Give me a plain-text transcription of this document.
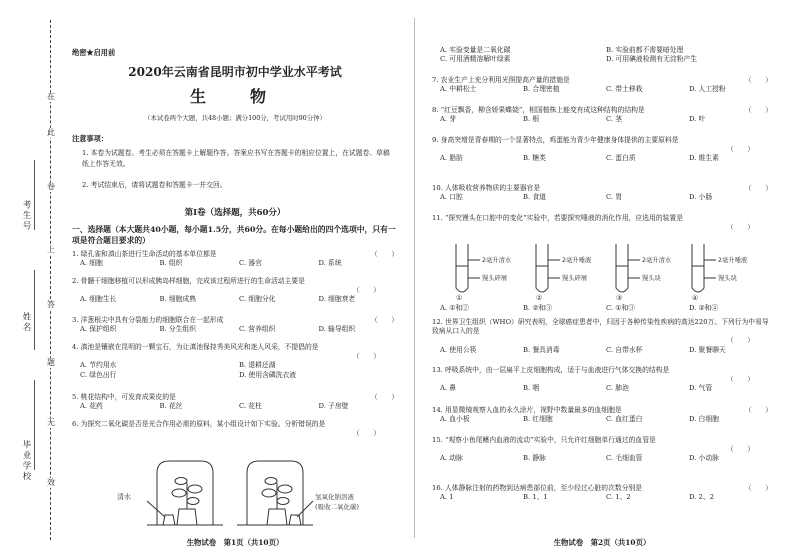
在
此
卷
上
答
题
无
效
考生号
姓名
毕业学校
绝密★启用前
2020年云南省昆明市初中学业水平考试
生　物
（本试卷两个大题，共48小题；满分100分，考试用时90分钟）
注意事项：
1. 本卷为试题卷。考生必须在答题卡上解题作答。答案应书写在答题卡的相应位置上，在试题卷、草稿纸上作答无效。
2. 考试结束后，请将试题卷和答题卡一并交回。
第Ⅰ卷（选择题，共60分）
一、选择题（本大题共40小题，每小题1.5分，共60分。在每小题给出的四个选项中，只有一项是符合题目要求的）
1. 绿孔雀和滇山茶进行生命活动的基本单位都是	（　　）
A. 细胞	B. 组织	C. 器官	D. 系统
2. 骨髓干细胞移植可以形成胰岛样细胞，完成该过程所进行的生命活动主要是
（　　）
A. 细胞生长	B. 细胞成熟	C. 细胞分化	D. 细胞衰老
3. 洋葱根尖中具有分裂能力的细胞联合在一起形成	（　　）
A. 保护组织	B. 分生组织	C. 营养组织	D. 输导组织
4. 滇池是镶嵌在昆明的一颗宝石，为让滇池保持秀美风光和迷人风采，不提倡的是
（　　）
A. 节约用水	B. 退耕还湖
C. 绿色出行	D. 使用含磷洗衣液
5. 桃花结构中，可发育成果皮的是	（　　）
A. 花药	B. 花丝	C. 花柱	D. 子房壁
6. 为探究二氧化碳是否是光合作用必需的原料，某小组设计如下实验。分析错误的是
（　　）
清水	氢氧化钠溶液
(吸收二氧化碳)
生物试卷　第1页（共10页）
A. 实验变量是二氧化碳	B. 实验前都不需要暗处理
C. 可用酒精溶解叶绿素	D. 可用碘液检测有无淀粉产生
7. 农业生产上充分利用光照提高产量的措施是	（　　）
A. 中耕松土	B. 合理密植	C. 带土移栽	D. 人工授粉
8. “红豆飘香，柳含娇果蝶娆”，相国植株上能变有成这种结构的结构是	（　　）
A. 芽	B. 根	C. 茎	D. 叶
9. 身高突增是青春期的一个显著特点，鸡蛋能为青少年健康身体提供的主要原料是
（　　）
A. 脂肪	B. 糖类	C. 蛋白质	D. 维生素
10. 人体吸收营养物质的主要器官是	（　　）
A. 口腔	B. 食道	C. 胃	D. 小肠
11. “探究馒头在口腔中的变化”实验中，若要探究唾液的消化作用，应选用的装置是
（　　）
2毫升清水
馒头碎屑
①
2毫升唾液
馒头碎屑
②
2毫升清水
馒头块
③
2毫升唾液
馒头块
④
A. ①和②	B. ②和③	C. ①和③	D. ②和④
12. 世界卫生组织（WHO）研究表明，全球癌症患者中，归因于各种传染性疾病的高达220万。下列行为中易导致病从口入的是
（　　）
A. 使用公筷	B. 餐具消毒	C. 自带水杯	D. 聚餐聊天
13. 呼吸系统中，由一层扁平上皮细胞构成，适于与血液进行气体交换的结构是
（　　）
A. 鼻	B. 咽	C. 肺泡	D. 气管
14. 用显微镜观察人血的永久涂片，视野中数量最多的血细胞是	（　　）
A. 血小板	B. 红细胞	C. 血红蛋白	D. 白细胞
15. “观察小鱼尾鳍内血液的流动”实验中，只允许红细胞单行通过的血管是
（　　）
A. 动脉	B. 静脉	C. 毛细血管	D. 小动脉
16. 人体静脉注射的药物到达病患部位前，至少经过心脏的次数分别是	（　　）
A. 1	B. 1、1	C. 1、2	D. 2、2
生物试卷　第2页（共10页）
